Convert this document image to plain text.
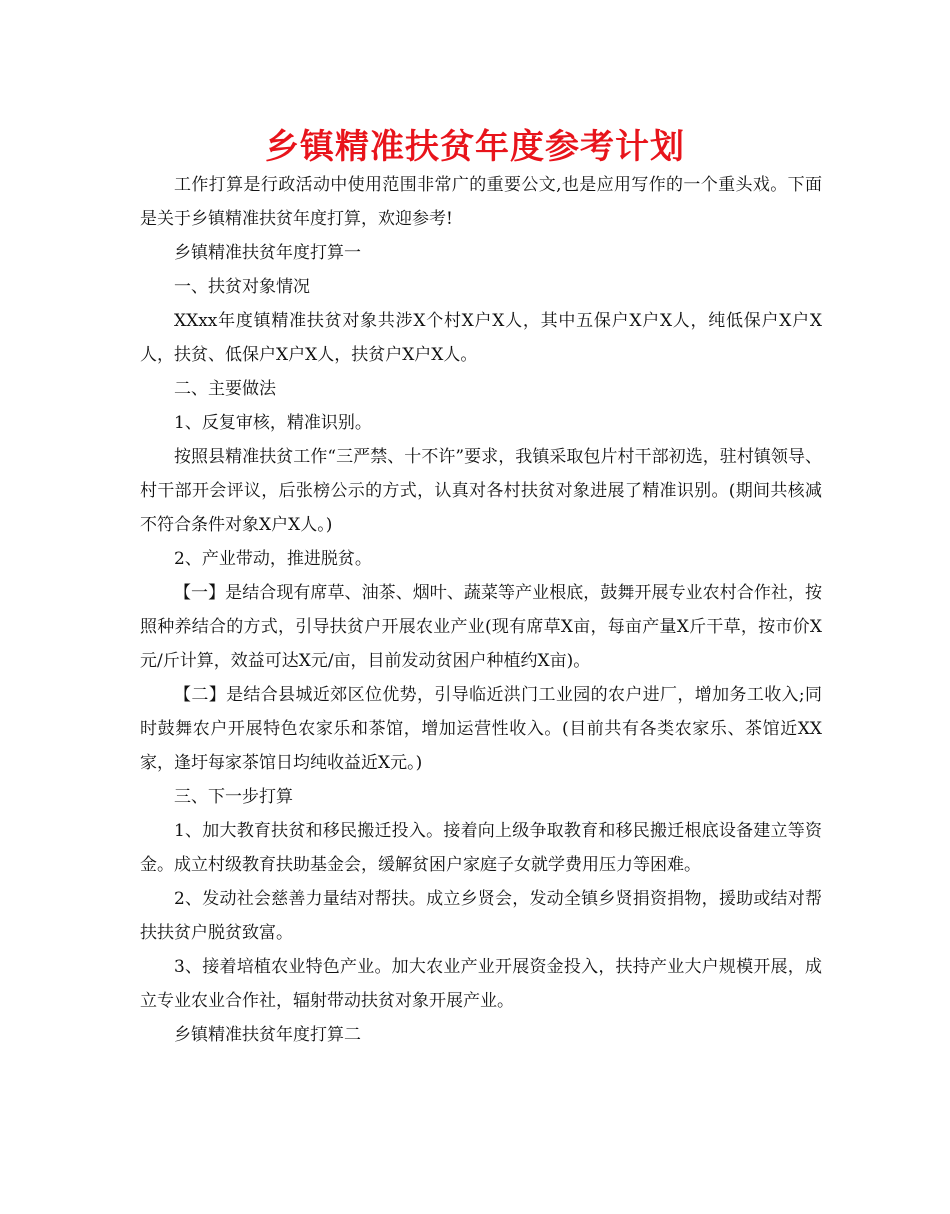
乡镇精准扶贫年度参考计划

工作打算是行政活动中使用范围非常广的重要公文,也是应用写作的一个重头戏。下面是关于乡镇精准扶贫年度打算，欢迎参考!

乡镇精准扶贫年度打算一

一、扶贫对象情况

XXxx年度镇精准扶贫对象共涉X个村X户X人，其中五保户X户X人，纯低保户X户X人，扶贫、低保户X户X人，扶贫户X户X人。

二、主要做法

1、反复审核，精准识别。

按照县精准扶贫工作“三严禁、十不许”要求，我镇采取包片村干部初选，驻村镇领导、村干部开会评议，后张榜公示的方式，认真对各村扶贫对象进展了精准识别。(期间共核减不符合条件对象X户X人。)

2、产业带动，推进脱贫。

【一】是结合现有席草、油茶、烟叶、蔬菜等产业根底，鼓舞开展专业农村合作社，按照种养结合的方式，引导扶贫户开展农业产业(现有席草X亩，每亩产量X斤干草，按市价X元/斤计算，效益可达X元/亩，目前发动贫困户种植约X亩)。

【二】是结合县城近郊区位优势，引导临近洪门工业园的农户进厂，增加务工收入;同时鼓舞农户开展特色农家乐和茶馆，增加运营性收入。(目前共有各类农家乐、茶馆近XX家，逢圩每家茶馆日均纯收益近X元。)

三、下一步打算

1、加大教育扶贫和移民搬迁投入。接着向上级争取教育和移民搬迁根底设备建立等资金。成立村级教育扶助基金会，缓解贫困户家庭子女就学费用压力等困难。

2、发动社会慈善力量结对帮扶。成立乡贤会，发动全镇乡贤捐资捐物，援助或结对帮扶扶贫户脱贫致富。

3、接着培植农业特色产业。加大农业产业开展资金投入，扶持产业大户规模开展，成立专业农业合作社，辐射带动扶贫对象开展产业。

乡镇精准扶贫年度打算二
